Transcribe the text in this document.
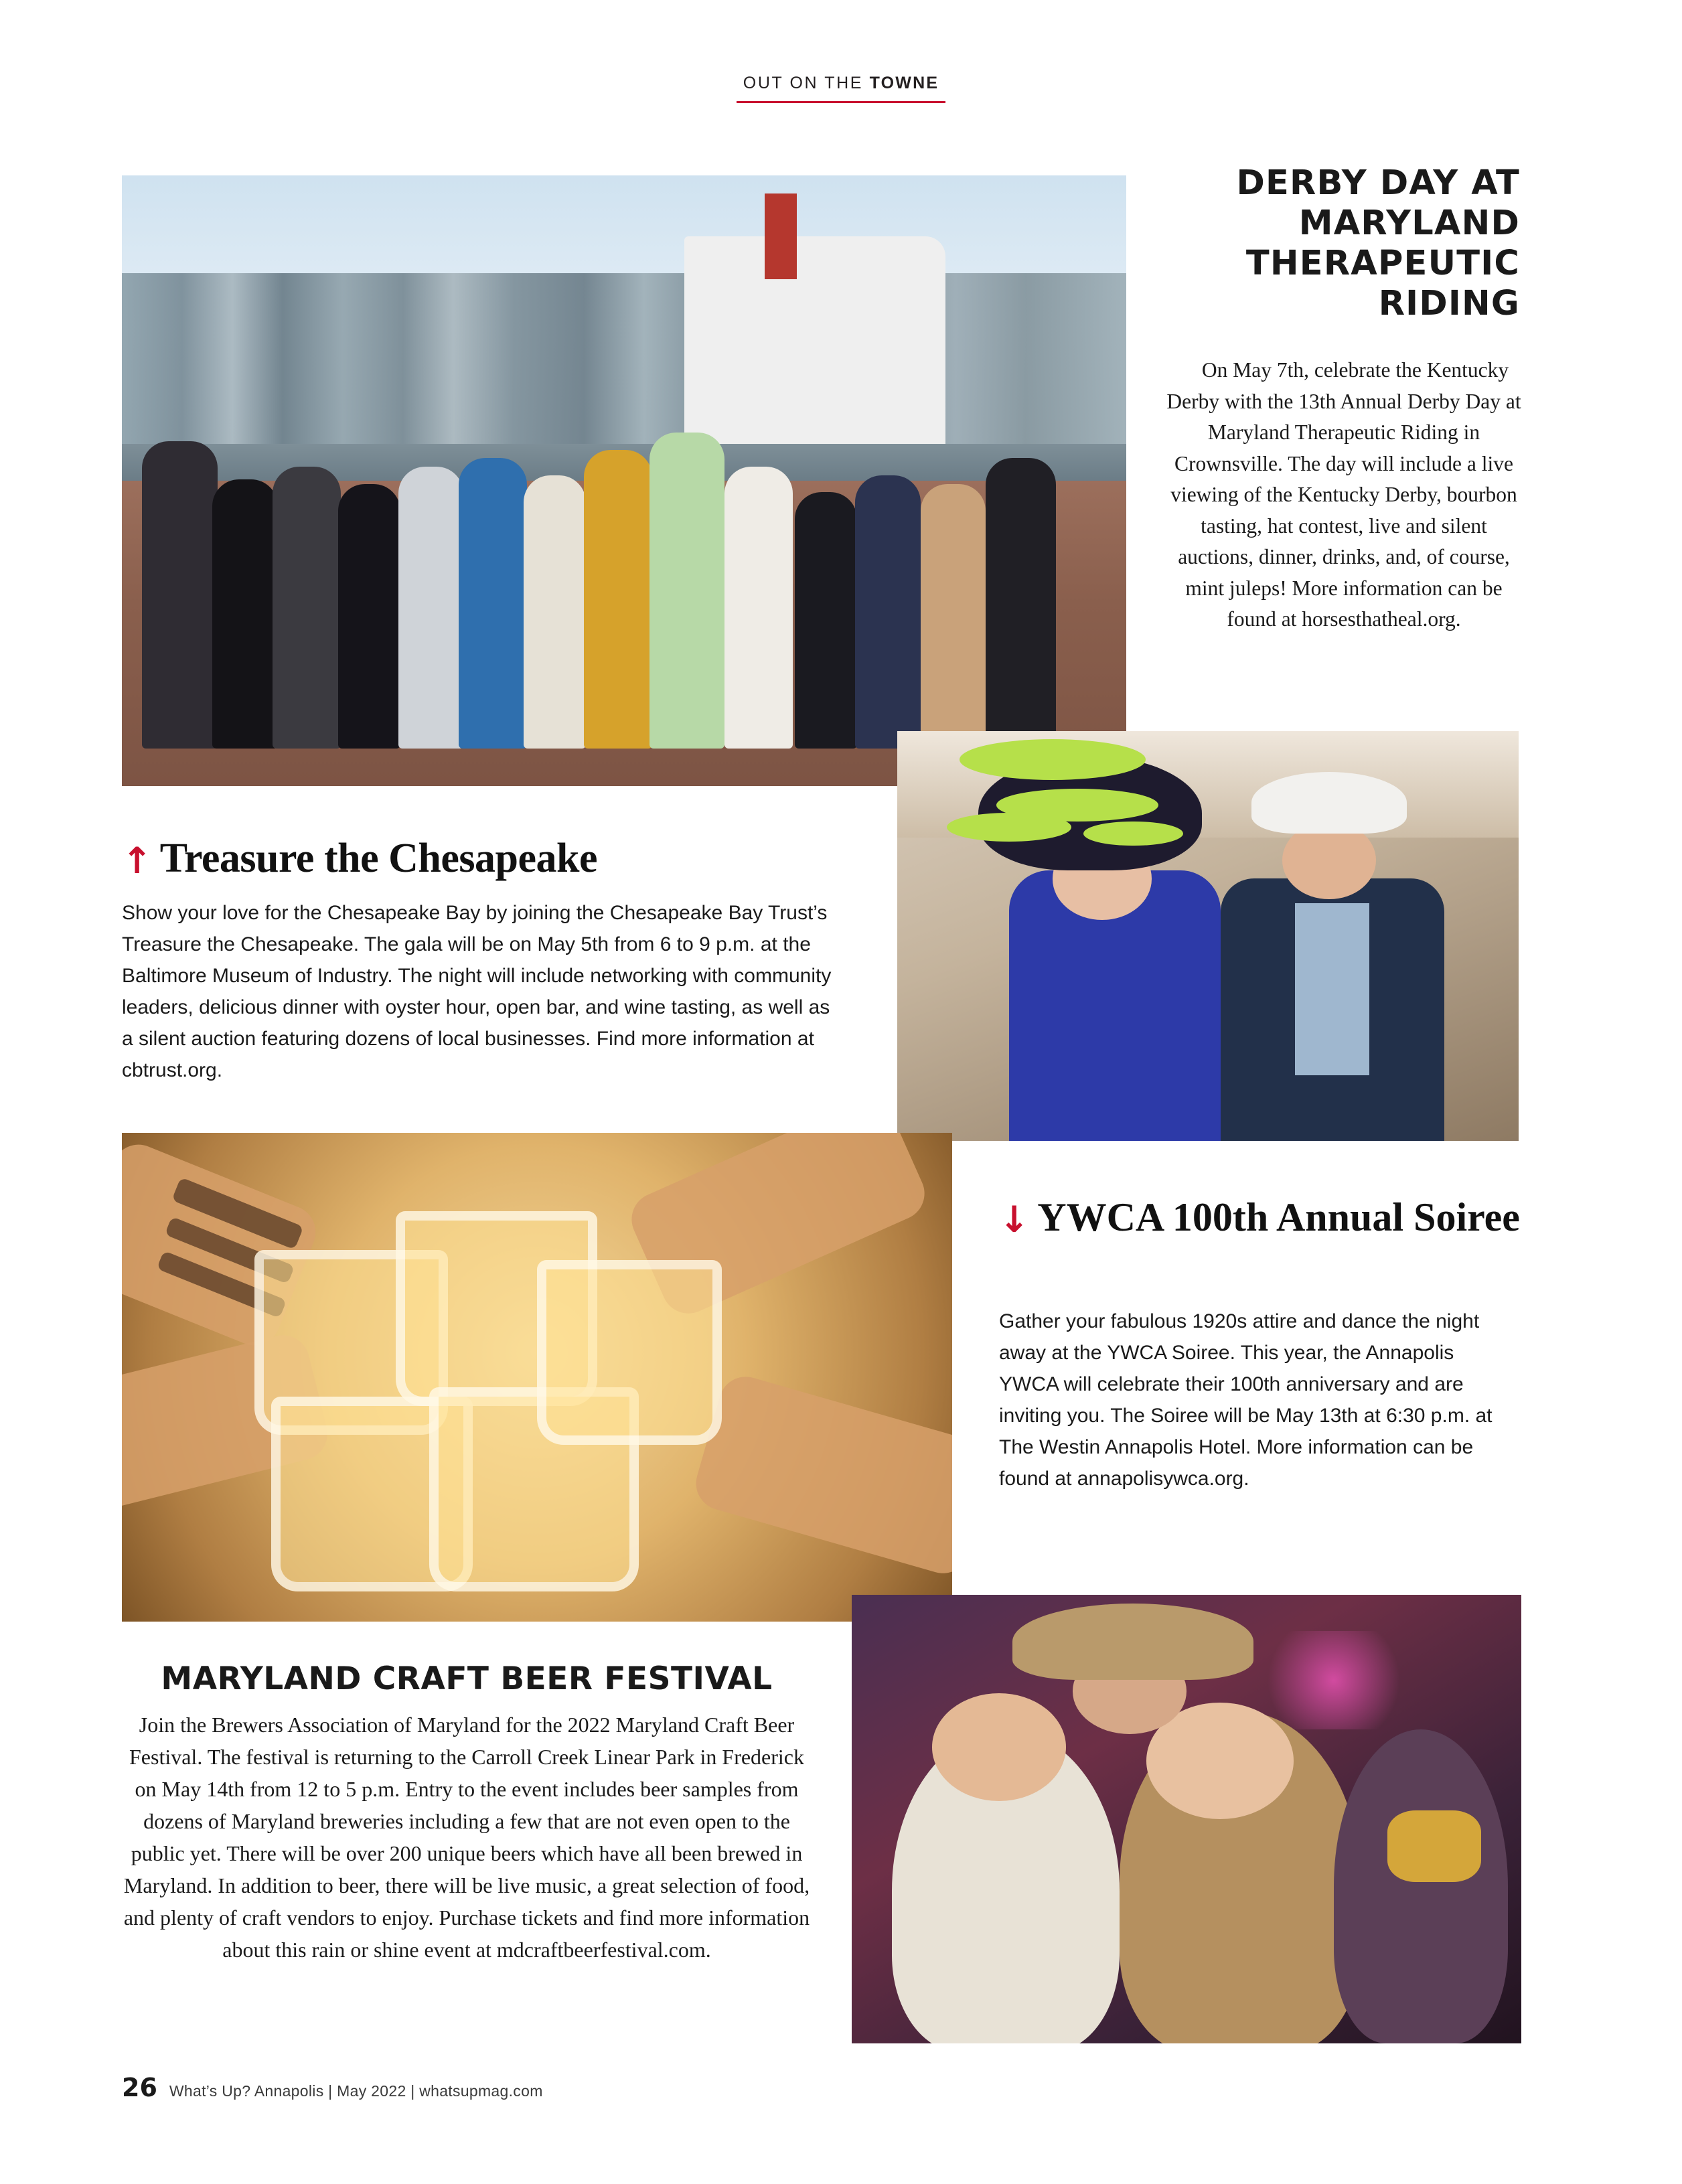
OUT ON THE TOWNE
DERBY DAY AT MARYLAND THERAPEUTIC RIDING
On May 7th, celebrate the Kentucky Derby with the 13th Annual Derby Day at Maryland Therapeutic Riding in Crownsville. The day will include a live viewing of the Kentucky Derby, bourbon tasting, hat contest, live and silent auctions, dinner, drinks, and, of course, mint juleps! More information can be found at horsesthatheal.org.
↑ Treasure the Chesapeake
Show your love for the Chesapeake Bay by joining the Chesapeake Bay Trust’s Treasure the Chesapeake. The gala will be on May 5th from 6 to 9 p.m. at the Baltimore Museum of Industry. The night will include networking with community leaders, delicious dinner with oyster hour, open bar, and wine tasting, as well as a silent auction featuring dozens of local businesses. Find more information at cbtrust.org.
↓ YWCA 100th Annual Soiree
Gather your fabulous 1920s attire and dance the night away at the YWCA Soiree. This year, the Annapolis YWCA will celebrate their 100th anniversary and are inviting you. The Soiree will be May 13th at 6:30 p.m. at The Westin Annapolis Hotel. More information can be found at annapolisywca.org.
MARYLAND CRAFT BEER FESTIVAL
Join the Brewers Association of Maryland for the 2022 Maryland Craft Beer Festival. The festival is returning to the Carroll Creek Linear Park in Frederick on May 14th from 12 to 5 p.m. Entry to the event includes beer samples from dozens of Maryland breweries including a few that are not even open to the public yet. There will be over 200 unique beers which have all been brewed in Maryland. In addition to beer, there will be live music, a great selection of food, and plenty of craft vendors to enjoy. Purchase tickets and find more information about this rain or shine event at mdcraftbeerfestival.com.
26 What’s Up? Annapolis | May 2022 | whatsupmag.com
